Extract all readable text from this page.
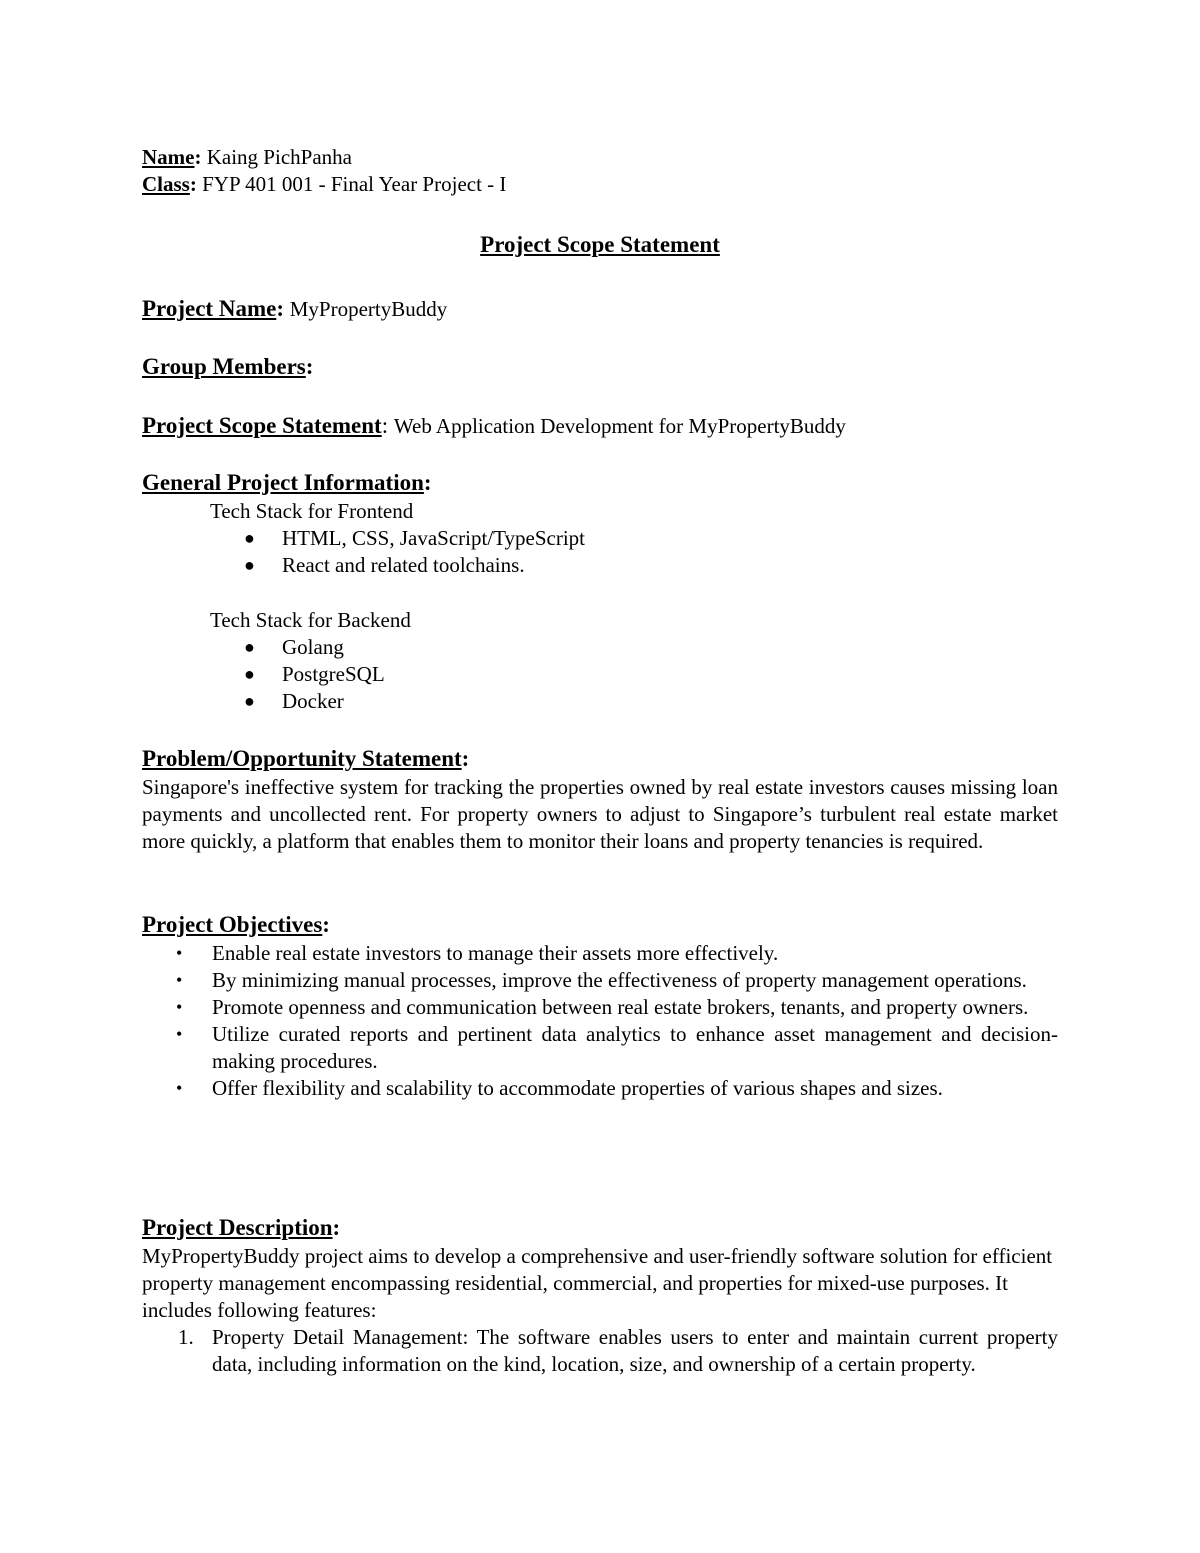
Name: Kaing PichPanha
Class: FYP 401 001 - Final Year Project - I
Project Scope Statement
Project Name: MyPropertyBuddy
Group Members:
Project Scope Statement: Web Application Development for MyPropertyBuddy
General Project Information:
Tech Stack for Frontend
● HTML, CSS, JavaScript/TypeScript
● React and related toolchains.
Tech Stack for Backend
● Golang
● PostgreSQL
● Docker
Problem/Opportunity Statement:

Singapore's ineffective system for tracking the properties owned by real estate investors causes missing loan payments and uncollected rent. For property owners to adjust to Singapore’s turbulent real estate market more quickly, a platform that enables them to monitor their loans and property tenancies is required.

Project Objectives:
• Enable real estate investors to manage their assets more effectively.
• By minimizing manual processes, improve the effectiveness of property management operations.
• Promote openness and communication between real estate brokers, tenants, and property owners.
• Utilize curated reports and pertinent data analytics to enhance asset management and decision-making procedures.
• Offer flexibility and scalability to accommodate properties of various shapes and sizes.
Project Description:

MyPropertyBuddy project aims to develop a comprehensive and user-friendly software solution for efficient property management encompassing residential, commercial, and properties for mixed-use purposes. It includes following features:

1. Property Detail Management: The software enables users to enter and maintain current property data, including information on the kind, location, size, and ownership of a certain property.
